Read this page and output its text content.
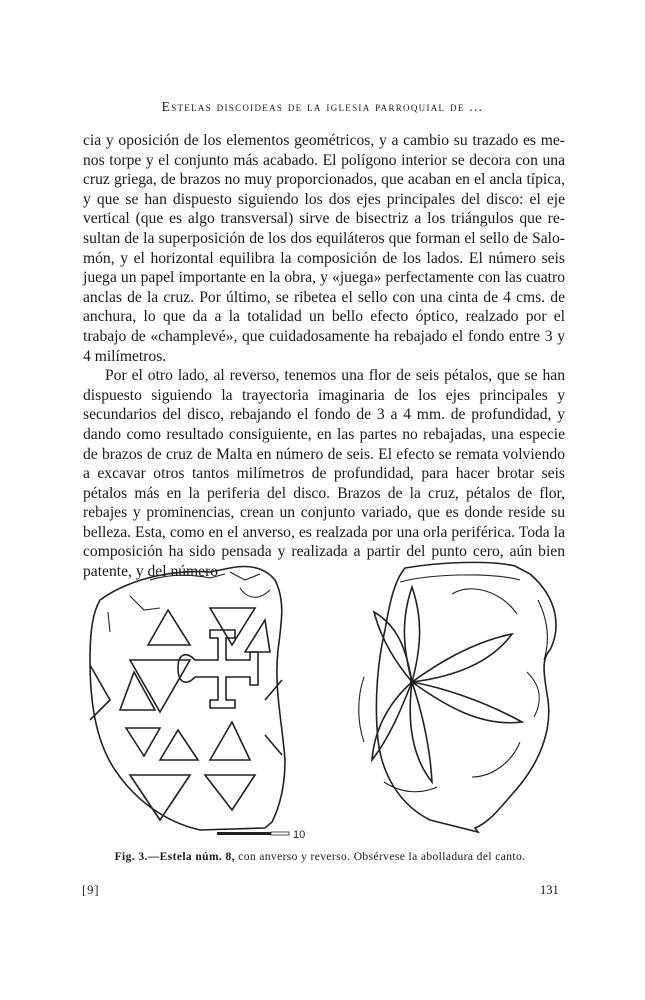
Estelas discoideas de la iglesia parroquial de ...

cia y oposición de los elementos geométricos, y a cambio su trazado es menos torpe y el conjunto más acabado. El polígono interior se decora con una cruz griega, de brazos no muy proporcionados, que acaban en el ancla típica, y que se han dispuesto siguiendo los dos ejes principales del disco: el eje vertical (que es algo transversal) sirve de bisectriz a los triángulos que resultan de la superposición de los dos equiláteros que forman el sello de Salomón, y el horizontal equilibra la composición de los lados. El número seis juega un papel importante en la obra, y «juega» perfectamente con las cuatro anclas de la cruz. Por último, se ribetea el sello con una cinta de 4 cms. de anchura, lo que da a la totalidad un bello efecto óptico, realzado por el trabajo de «champlevé», que cuidadosamente ha rebajado el fondo entre 3 y 4 milímetros.

Por el otro lado, al reverso, tenemos una flor de seis pétalos, que se han dispuesto siguiendo la trayectoria imaginaria de los ejes principales y secundarios del disco, rebajando el fondo de 3 a 4 mm. de profundidad, y dando como resultado consiguiente, en las partes no rebajadas, una especie de brazos de cruz de Malta en número de seis. El efecto se remata volviendo a excavar otros tantos milímetros de profundidad, para hacer brotar seis pétalos más en la periferia del disco. Brazos de la cruz, pétalos de flor, rebajes y prominencias, crean un conjunto variado, que es donde reside su belleza. Esta, como en el anverso, es realzada por una orla periférica. Toda la composición ha sido pensada y realizada a partir del punto cero, aún bien patente, y del número

10
Fig. 3.—Estela núm. 8, con anverso y reverso. Obsérvese la abolladura del canto.
[9]	131
